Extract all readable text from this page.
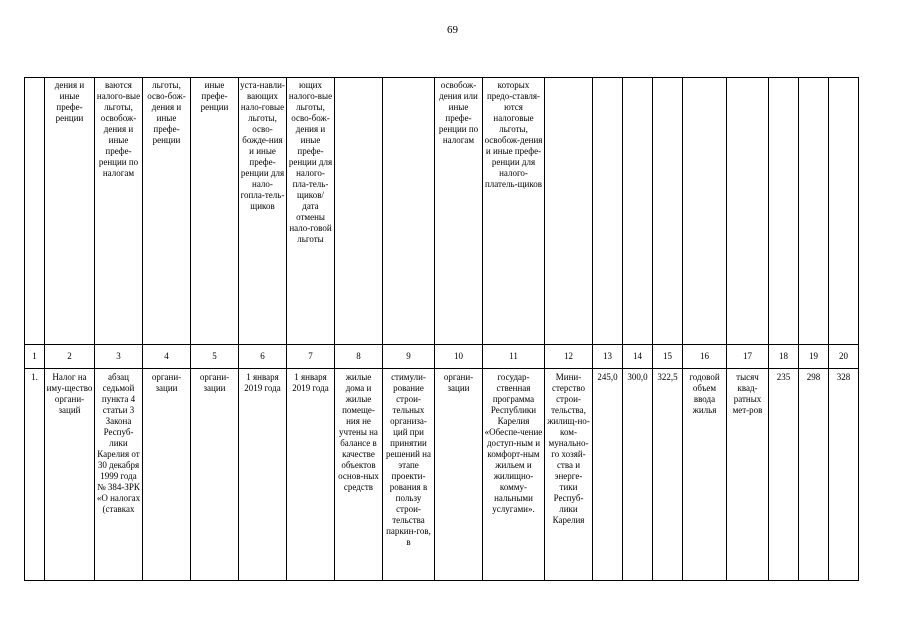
69
	дения и иные префе-ренции	ваются налого-вые льготы, освобож-дения и иные префе-ренции по налогам	льготы, осво-бож-дения и иные префе-ренции	иные префе-ренции	уста-навли-вающих нало-говые льготы, осво-божде-ния и иные префе-ренции для нало-гопла-тель-щиков	ющих налого-вые льготы, осво-бож-дения и иные префе-ренции для налого-пла-тель-щиков/ дата отмены нало-говой льготы			освобож-дения или иные префе-ренции по налогам	которых предо-ставля-ются налоговые льготы, освобож-дения и иные префе-ренции для налого-платель-щиков									
1	2	3	4	5	6	7	8	9	10	11	12	13	14	15	16	17	18	19	20
1.	Налог на иму-щество органи-заций	абзац седьмой пункта 4 статьи 3 Закона Респуб-лики Карелия от 30 декабря 1999 года № 384-ЗРК «О налогах (ставках	органи-зации	органи-зации	1 января 2019 года	1 января 2019 года	жилые дома и жилые помеще-ния не учтены на балансе в качестве объектов основ-ных средств	стимули-рование строи-тельных организа-ций при принятии решений на этапе проекти-рования в пользу строи-тельства паркин-гов, в	органи-зации	государ-ственная программа Республики Карелия «Обеспе-чение доступ-ным и комфорт-ным жильем и жилищно-комму-нальными услугами».	Мини-стерство строи-тельства, жилищ-но-ком-мунально-го хозяй-ства и энерге-тики Респуб-лики Карелия	245,0	300,0	322,5	годовой объем ввода жилья	тысяч квад-ратных мет-ров	235	298	328
